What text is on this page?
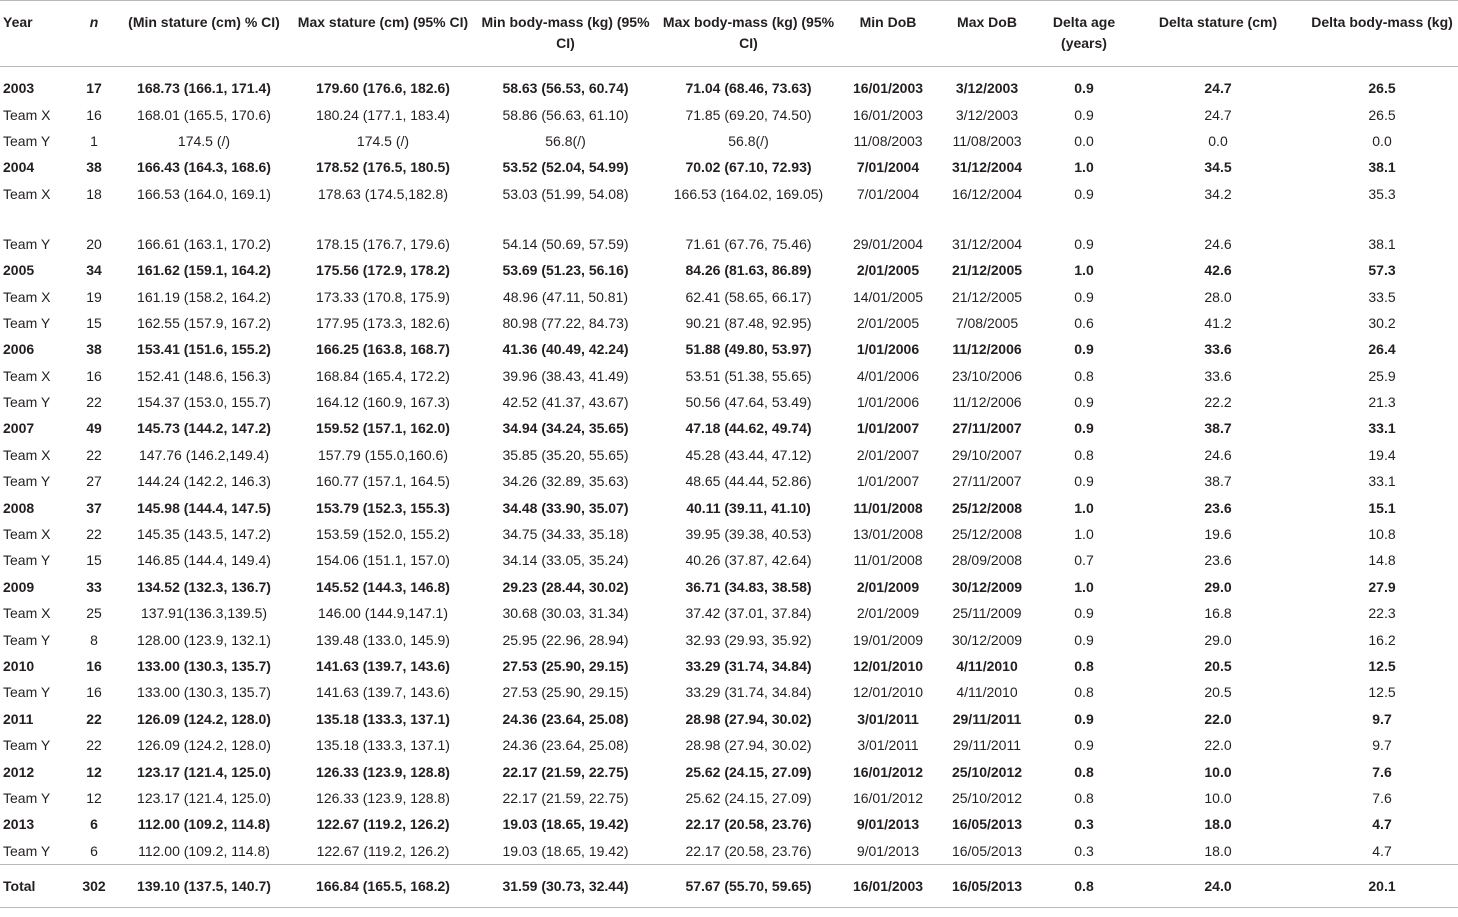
Year	n	(Min stature (cm) % CI)	Max stature (cm) (95% CI)	Min body-mass (kg) (95% CI)	Max body-mass (kg) (95% CI)	Min DoB	Max DoB	Delta age (years)	Delta stature (cm)	Delta body-mass (kg)

2003	17	168.73 (166.1, 171.4)	179.60 (176.6, 182.6)	58.63 (56.53, 60.74)	71.04 (68.46, 73.63)	16/01/2003	3/12/2003	0.9	24.7	26.5
Team X	16	168.01 (165.5, 170.6)	180.24 (177.1, 183.4)	58.86 (56.63, 61.10)	71.85 (69.20, 74.50)	16/01/2003	3/12/2003	0.9	24.7	26.5
Team Y	1	174.5 (/)	174.5 (/)	56.8(/)	56.8(/)	11/08/2003	11/08/2003	0.0	0.0	0.0
2004	38	166.43 (164.3, 168.6)	178.52 (176.5, 180.5)	53.52 (52.04, 54.99)	70.02 (67.10, 72.93)	7/01/2004	31/12/2004	1.0	34.5	38.1
Team X	18	166.53 (164.0, 169.1)	178.63 (174.5,182.8)	53.03 (51.99, 54.08)	166.53 (164.02, 169.05)	7/01/2004	16/12/2004	0.9	34.2	35.3
Team Y	20	166.61 (163.1, 170.2)	178.15 (176.7, 179.6)	54.14 (50.69, 57.59)	71.61 (67.76, 75.46)	29/01/2004	31/12/2004	0.9	24.6	38.1
2005	34	161.62 (159.1, 164.2)	175.56 (172.9, 178.2)	53.69 (51.23, 56.16)	84.26 (81.63, 86.89)	2/01/2005	21/12/2005	1.0	42.6	57.3
Team X	19	161.19 (158.2, 164.2)	173.33 (170.8, 175.9)	48.96 (47.11, 50.81)	62.41 (58.65, 66.17)	14/01/2005	21/12/2005	0.9	28.0	33.5
Team Y	15	162.55 (157.9, 167.2)	177.95 (173.3, 182.6)	80.98 (77.22, 84.73)	90.21 (87.48, 92.95)	2/01/2005	7/08/2005	0.6	41.2	30.2
2006	38	153.41 (151.6, 155.2)	166.25 (163.8, 168.7)	41.36 (40.49, 42.24)	51.88 (49.80, 53.97)	1/01/2006	11/12/2006	0.9	33.6	26.4
Team X	16	152.41 (148.6, 156.3)	168.84 (165.4, 172.2)	39.96 (38.43, 41.49)	53.51 (51.38, 55.65)	4/01/2006	23/10/2006	0.8	33.6	25.9
Team Y	22	154.37 (153.0, 155.7)	164.12 (160.9, 167.3)	42.52 (41.37, 43.67)	50.56 (47.64, 53.49)	1/01/2006	11/12/2006	0.9	22.2	21.3
2007	49	145.73 (144.2, 147.2)	159.52 (157.1, 162.0)	34.94 (34.24, 35.65)	47.18 (44.62, 49.74)	1/01/2007	27/11/2007	0.9	38.7	33.1
Team X	22	147.76 (146.2,149.4)	157.79 (155.0,160.6)	35.85 (35.20, 55.65)	45.28 (43.44, 47.12)	2/01/2007	29/10/2007	0.8	24.6	19.4
Team Y	27	144.24 (142.2, 146.3)	160.77 (157.1, 164.5)	34.26 (32.89, 35.63)	48.65 (44.44, 52.86)	1/01/2007	27/11/2007	0.9	38.7	33.1
2008	37	145.98 (144.4, 147.5)	153.79 (152.3, 155.3)	34.48 (33.90, 35.07)	40.11 (39.11, 41.10)	11/01/2008	25/12/2008	1.0	23.6	15.1
Team X	22	145.35 (143.5, 147.2)	153.59 (152.0, 155.2)	34.75 (34.33, 35.18)	39.95 (39.38, 40.53)	13/01/2008	25/12/2008	1.0	19.6	10.8
Team Y	15	146.85 (144.4, 149.4)	154.06 (151.1, 157.0)	34.14 (33.05, 35.24)	40.26 (37.87, 42.64)	11/01/2008	28/09/2008	0.7	23.6	14.8
2009	33	134.52 (132.3, 136.7)	145.52 (144.3, 146.8)	29.23 (28.44, 30.02)	36.71 (34.83, 38.58)	2/01/2009	30/12/2009	1.0	29.0	27.9
Team X	25	137.91(136.3,139.5)	146.00 (144.9,147.1)	30.68 (30.03, 31.34)	37.42 (37.01, 37.84)	2/01/2009	25/11/2009	0.9	16.8	22.3
Team Y	8	128.00 (123.9, 132.1)	139.48 (133.0, 145.9)	25.95 (22.96, 28.94)	32.93 (29.93, 35.92)	19/01/2009	30/12/2009	0.9	29.0	16.2
2010	16	133.00 (130.3, 135.7)	141.63 (139.7, 143.6)	27.53 (25.90, 29.15)	33.29 (31.74, 34.84)	12/01/2010	4/11/2010	0.8	20.5	12.5
Team Y	16	133.00 (130.3, 135.7)	141.63 (139.7, 143.6)	27.53 (25.90, 29.15)	33.29 (31.74, 34.84)	12/01/2010	4/11/2010	0.8	20.5	12.5
2011	22	126.09 (124.2, 128.0)	135.18 (133.3, 137.1)	24.36 (23.64, 25.08)	28.98 (27.94, 30.02)	3/01/2011	29/11/2011	0.9	22.0	9.7
Team Y	22	126.09 (124.2, 128.0)	135.18 (133.3, 137.1)	24.36 (23.64, 25.08)	28.98 (27.94, 30.02)	3/01/2011	29/11/2011	0.9	22.0	9.7
2012	12	123.17 (121.4, 125.0)	126.33 (123.9, 128.8)	22.17 (21.59, 22.75)	25.62 (24.15, 27.09)	16/01/2012	25/10/2012	0.8	10.0	7.6
Team Y	12	123.17 (121.4, 125.0)	126.33 (123.9, 128.8)	22.17 (21.59, 22.75)	25.62 (24.15, 27.09)	16/01/2012	25/10/2012	0.8	10.0	7.6
2013	6	112.00 (109.2, 114.8)	122.67 (119.2, 126.2)	19.03 (18.65, 19.42)	22.17 (20.58, 23.76)	9/01/2013	16/05/2013	0.3	18.0	4.7
Team Y	6	112.00 (109.2, 114.8)	122.67 (119.2, 126.2)	19.03 (18.65, 19.42)	22.17 (20.58, 23.76)	9/01/2013	16/05/2013	0.3	18.0	4.7
Total	302	139.10 (137.5, 140.7)	166.84 (165.5, 168.2)	31.59 (30.73, 32.44)	57.67 (55.70, 59.65)	16/01/2003	16/05/2013	0.8	24.0	20.1
